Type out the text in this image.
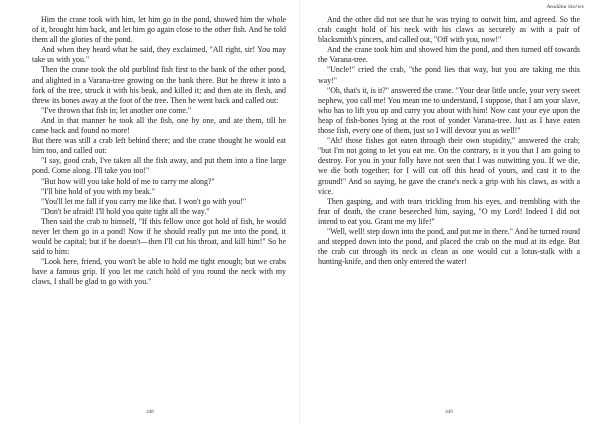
Him the crane took with him, let him go in the pond, showed him the whole of it, brought him back, and let him go again close to the other fish. And he told them all the glories of the pond.

And when they heard what he said, they exclaimed, "All right, sir! You may take us with you."

Then the crane took the old purblind fish first to the bank of the other pond, and alighted in a Varana-tree growing on the bank there. But he threw it into a fork of the tree, struck it with his beak, and killed it; and then ate its flesh, and threw its bones away at the foot of the tree. Then he went back and called out:

"I've thrown that fish in; let another one come."

And in that manner he took all the fish, one by one, and ate them, till he came back and found no more!

But there was still a crab left behind there; and the crane thought he would eat him too, and called out:

"I say, good crab, I've taken all the fish away, and put them into a fine large pond. Come along. I'll take you too!"

"But how will you take hold of me to carry me along?"

"I'll bite hold of you with my beak."

"You'll let me fall if you carry me like that. I won't go with you!"

"Don't be afraid! I'll hold you quite tight all the way."

Then said the crab to himself, "If this fellow once got hold of fish, he would never let them go in a pond! Now if he should really put me into the pond, it would be capital; but if he doesn't—then I'll cut his throat, and kill him!" So he said to him:

"Look here, friend, you won't be able to hold me tight enough; but we crabs have a famous grip. If you let me catch hold of you round the neck with my claws, I shall be glad to go with you."

448
Avadāna Stories

And the other did not see that he was trying to outwit him, and agreed. So the crab caught hold of his neck with his claws as securely as with a pair of blacksmith's pincers, and called out, "Off with you, now!"

And the crane took him and showed him the pond, and then turned off towards the Varana-tree.

"Uncle!" cried the crab, "the pond lies that way, but you are taking me this way!"

"Oh, that's it, is it?" answered the crane. "Your dear little uncle, your very sweet nephew, you call me! You mean me to understand, I suppose, that I am your slave, who has to lift you up and carry you about with him! Now cast your eye upon the heap of fish-bones lying at the root of yonder Varana-tree. Just as I have eaten those fish, every one of them, just so I will devour you as well!"

"Ah! those fishes got eaten through their own stupidity," answered the crab; "but I'm not going to let you eat me. On the contrary, is it you that I am going to destroy. For you in your folly have not seen that I was outwitting you. If we die, we die both together; for I will cut off this head of yours, and cast it to the ground!" And so saying, he gave the crane's neck a grip with his claws, as with a vice.

Then gasping, and with tears trickling from his eyes, and trembling with the fear of death, the crane beseeched him, saying, "O my Lord! Indeed I did not intend to eat you. Grant me my life!"

"Well, well! step down into the pond, and put me in there." And he turned round and stepped down into the pond, and placed the crab on the mud at its edge. But the crab cut through its neck as clean as one would cut a lotus-stalk with a hunting-knife, and then only entered the water!

449
